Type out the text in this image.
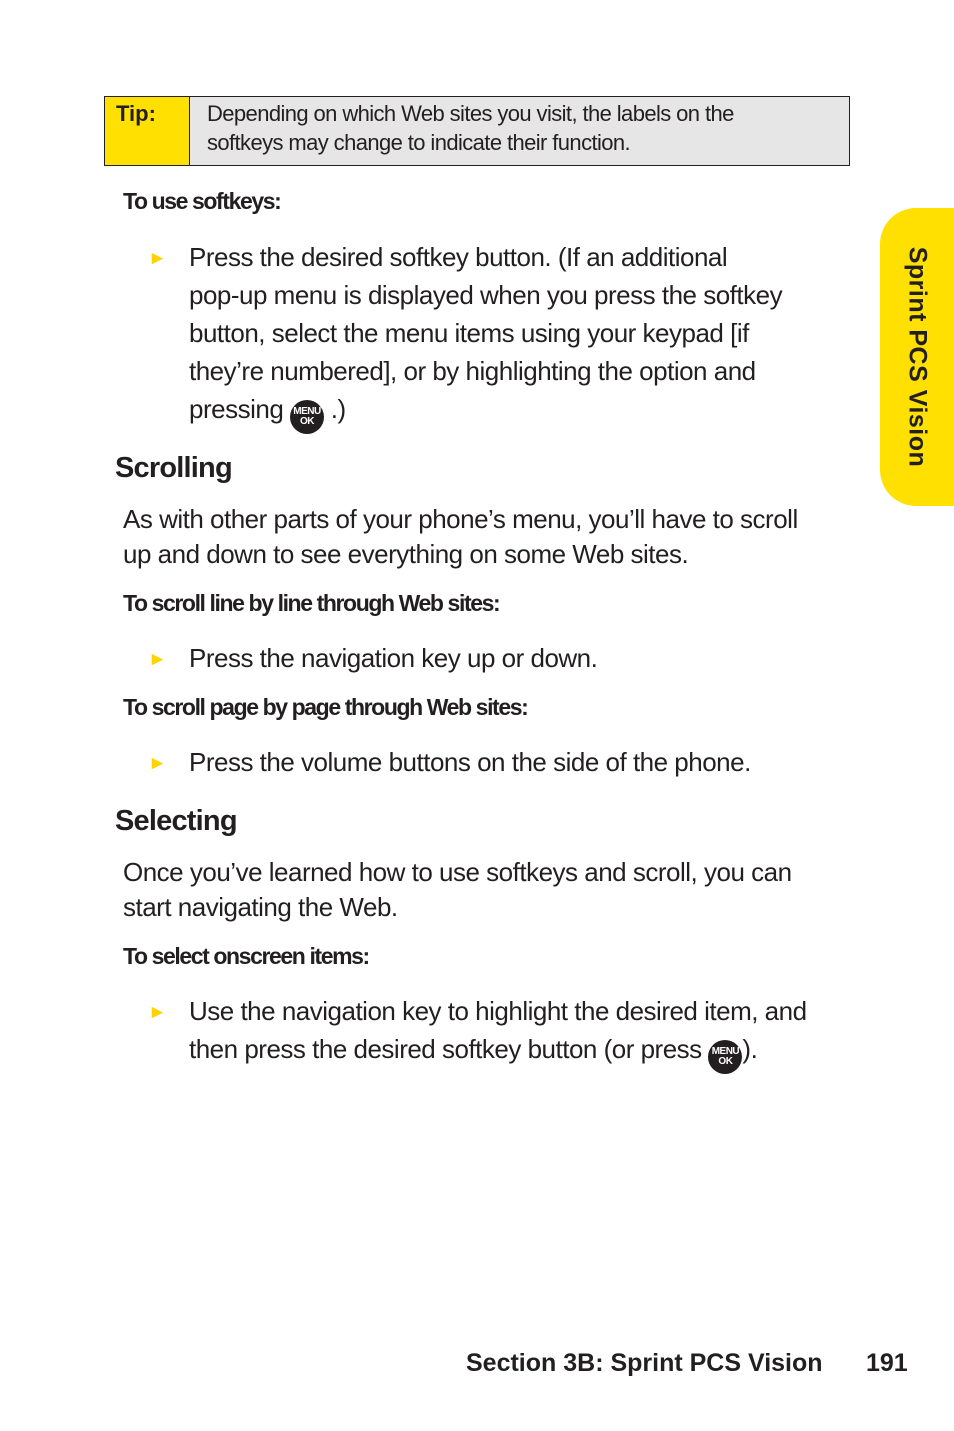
Tip:	Depending on which Web sites you visit, the labels on the
softkeys may change to indicate their function.
Sprint PCS Vision
To use softkeys:
► Press the desired softkey button. (If an additional
pop-up menu is displayed when you press the softkey
button, select the menu items using your keypad [if
they’re numbered], or by highlighting the option and
pressing	MENU
OK .)
Scrolling
As with other parts of your phone’s menu, you’ll have to scroll
up and down to see everything on some Web sites.
To scroll line by line through Web sites:
► Press the navigation key up or down.
To scroll page by page through Web sites:
► Press the volume buttons on the side of the phone.
Selecting
Once you’ve learned how to use softkeys and scroll, you can
start navigating the Web.
To select onscreen items:
► Use the navigation key to highlight the desired item, and
then press the desired softkey button (or press	MENU
OK ).
Section 3B: Sprint PCS Vision 191
